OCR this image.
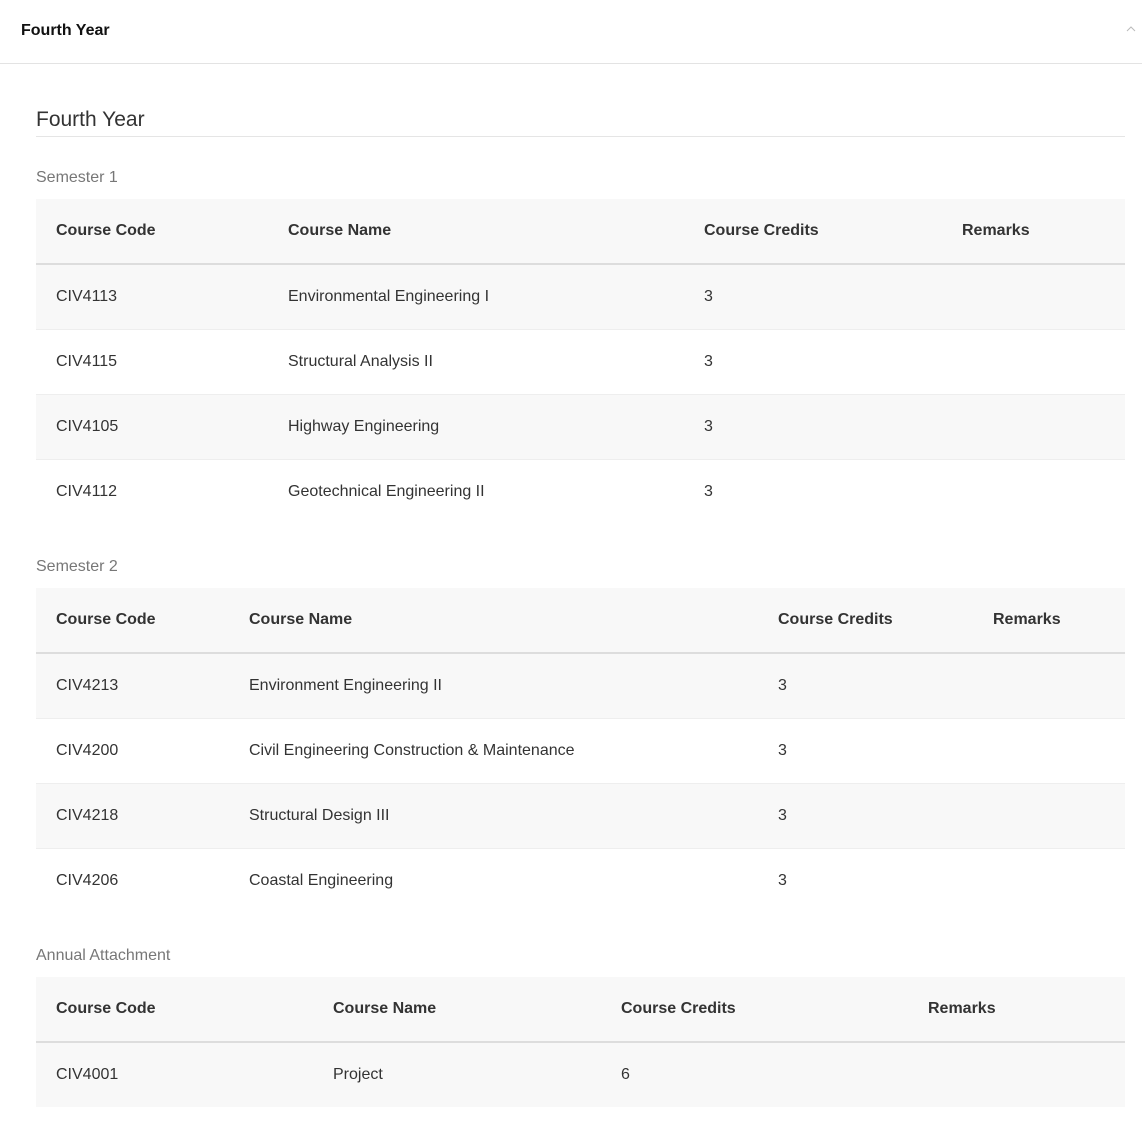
Fourth Year
Fourth Year
Semester 1
Course Code	Course Name	Course Credits	Remarks
CIV4113	Environmental Engineering I	3	
CIV4115	Structural Analysis II	3	
CIV4105	Highway Engineering	3	
CIV4112	Geotechnical Engineering II	3	
Semester 2
Course Code	Course Name	Course Credits	Remarks
CIV4213	Environment Engineering II	3	
CIV4200	Civil Engineering Construction & Maintenance	3	
CIV4218	Structural Design III	3	
CIV4206	Coastal Engineering	3	
Annual Attachment
Course Code	Course Name	Course Credits	Remarks
CIV4001	Project	6	
